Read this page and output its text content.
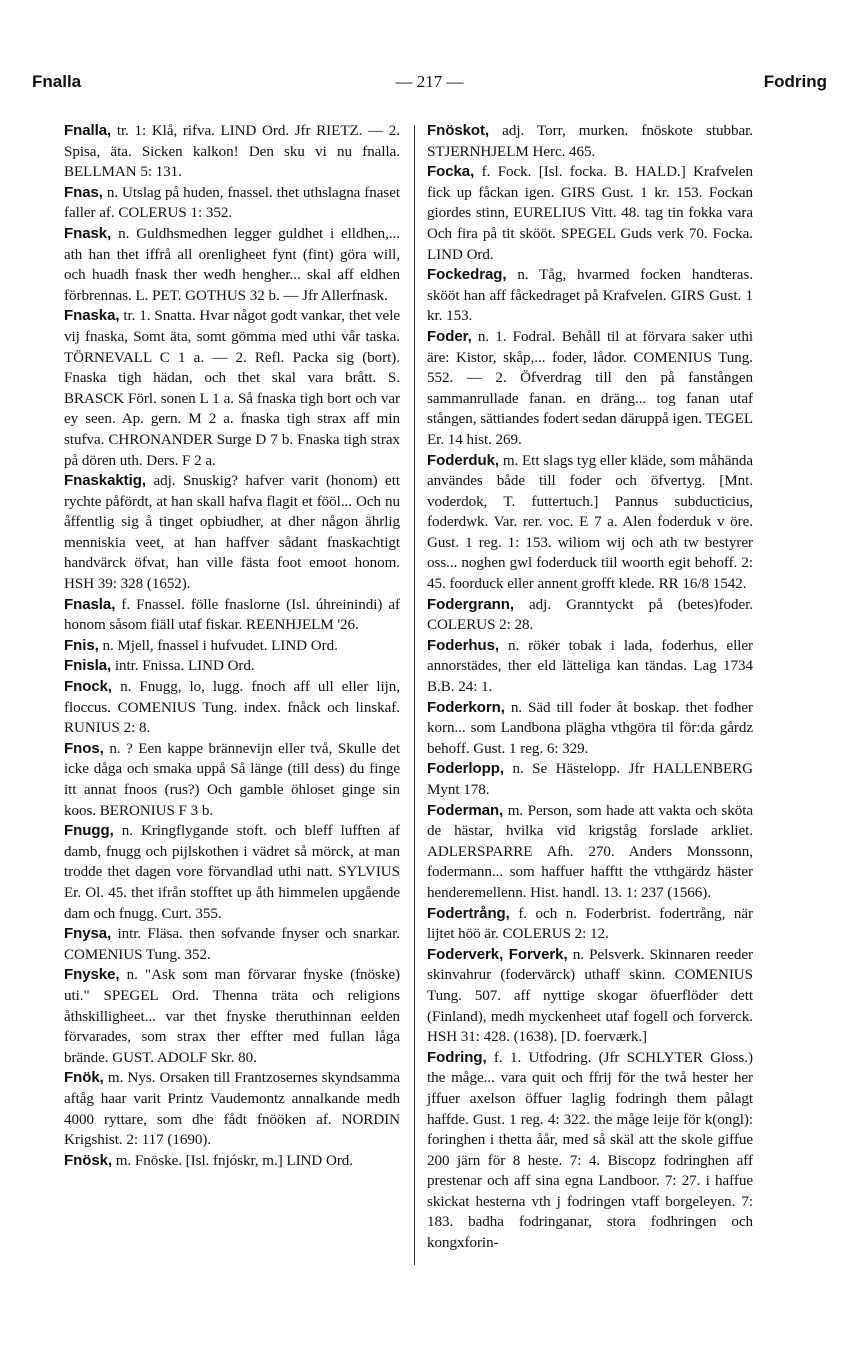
Fnalla	— 217 —	Fodring

Fnalla, tr. 1: Klå, rifva. LIND Ord. Jfr RIETZ. — 2. Spisa, äta. Sicken kalkon! Den sku vi nu fnalla. BELLMAN 5: 131.

Fnas, n. Utslag på huden, fnassel. thet uthslagna fnaset faller af. COLERUS 1: 352.

Fnask, n. Guldhsmedhen legger guldhet i elldhen,... ath han thet iffrå all orenligheet fynt (fint) göra will, och huadh fnask ther wedh hengher... skal aff eldhen förbrennas. L. PET. GOTHUS 32 b. — Jfr Allerfnask.

Fnaska, tr. 1. Snatta. Hvar något godt vankar, thet vele vij fnaska, Somt äta, somt gömma med uthi vår taska. TÖRNEVALL C 1 a. — 2. Refl. Packa sig (bort). Fnaska tigh hädan, och thet skal vara brått. S. BRASCK Förl. sonen L 1 a. Så fnaska tigh bort och var ey seen. Ap. gern. M 2 a. fnaska tigh strax aff min stufva. CHRONANDER Surge D 7 b. Fnaska tigh strax på dören uth. Ders. F 2 a.

Fnaskaktig, adj. Snuskig? hafver varit (honom) ett rychte påfördt, at han skall hafva flagit et fööl... Och nu åffentlig sig å tinget opbiudher, at dher någon ährlig menniskia veet, at han haffver sådant fnaskachtigt handvärck öfvat, han ville fästa foot emoot honom. HSH 39: 328 (1652).

Fnasla, f. Fnassel. fölle fnaslorne (Isl. úhreinindi) af honom såsom fiäll utaf fiskar. REENHJELM '26.

Fnis, n. Mjell, fnassel i hufvudet. LIND Ord.

Fnisla, intr. Fnissa. LIND Ord.

Fnock, n. Fnugg, lo, lugg. fnoch aff ull eller lijn, floccus. COMENIUS Tung. index. fnåck och linskaf. RUNIUS 2: 8.

Fnos, n. ? Een kappe brännevijn eller två, Skulle det icke dåga och smaka uppå Så länge (till dess) du finge itt annat fnoos (rus?) Och gamble öhloset ginge sin koos. BERONIUS F 3 b.

Fnugg, n. Kringflygande stoft. och bleff lufften af damb, fnugg och pijlskothen i vädret så mörck, at man trodde thet dagen vore förvandlad uthi natt. SYLVIUS Er. Ol. 45. thet ifrån stofftet up åth himmelen upgående dam och fnugg. Curt. 355.

Fnysa, intr. Fläsa. then sofvande fnyser och snarkar. COMENIUS Tung. 352.

Fnyske, n. "Ask som man förvarar fnyske (fnöske) uti." SPEGEL Ord. Thenna träta och religions åthskilligheet... var thet fnyske theruthinnan eelden förvarades, som strax ther effter med fullan låga brände. GUST. ADOLF Skr. 80.

Fnök, m. Nys. Orsaken till Frantzosernes skyndsamma aftåg haar varit Printz Vaudemontz annalkande medh 4000 ryttare, som dhe fådt fnööken af. NORDIN Krigshist. 2: 117 (1690).

Fnösk, m. Fnöske. [Isl. fnjóskr, m.] LIND Ord.

Fnöskot, adj. Torr, murken. fnöskote stubbar. STJERNHJELM Herc. 465.

Focka, f. Fock. [Isl. focka. B. HALD.] Krafvelen fick up fåckan igen. GIRS Gust. 1 kr. 153. Fockan giordes stinn, EURELIUS Vitt. 48. tag tin fokka vara Och fira på tit skööt. SPEGEL Guds verk 70. Focka. LIND Ord.

Fockedrag, n. Tåg, hvarmed focken handteras. skööt han aff fåckedraget på Krafvelen. GIRS Gust. 1 kr. 153.

Foder, n. 1. Fodral. Behåll til at förvara saker uthi äre: Kistor, skåp,... foder, lådor. COMENIUS Tung. 552. — 2. Öfverdrag till den på fanstången sammanrullade fanan. en dräng... tog fanan utaf stången, sättiandes fodert sedan däruppå igen. TEGEL Er. 14 hist. 269.

Foderduk, m. Ett slags tyg eller kläde, som måhända användes både till foder och öfvertyg. [Mnt. voderdok, T. futtertuch.] Pannus subducticius, foderdwk. Var. rer. voc. E 7 a. Alen foderduk v öre. Gust. 1 reg. 1: 153. wiliom wij och ath tw bestyrer oss... noghen gwl foderduck tiil woorth egit behoff. 2: 45. foorduck eller annent grofft klede. RR 16/8 1542.

Fodergrann, adj. Granntyckt på (betes)foder. COLERUS 2: 28.

Foderhus, n. röker tobak i lada, foderhus, eller annorstädes, ther eld lätteliga kan tändas. Lag 1734 B.B. 24: 1.

Foderkorn, n. Säd till foder åt boskap. thet fodher korn... som Landbona plägha vthgöra til för:da gårdz behoff. Gust. 1 reg. 6: 329.

Foderlopp, n. Se Hästelopp. Jfr HALLENBERG Mynt 178.

Foderman, m. Person, som hade att vakta och sköta de hästar, hvilka vid krigståg forslade arkliet. ADLERSPARRE Afh. 270. Anders Monssonn, fodermann... som haffuer hafftt the vtthgärdz häster henderemellenn. Hist. handl. 13. 1: 237 (1566).

Fodertrång, f. och n. Foderbrist. fodertrång, när lijtet höö är. COLERUS 2: 12.

Foderverk, Forverk, n. Pelsverk. Skinnaren reeder skinvahrur (fodervärck) uthaff skinn. COMENIUS Tung. 507. aff nyttige skogar öfuerflöder dett (Finland), medh myckenheet utaf fogell och forverck. HSH 31: 428. (1638). [D. foerværk.]

Fodring, f. 1. Utfodring. (Jfr SCHLYTER Gloss.) the måge... vara quit och ffrij för the twå hester her jffuer axelson öffuer laglig fodringh them pålagt haffde. Gust. 1 reg. 4: 322. the måge leije för k(ongl): foringhen i thetta åår, med så skäl att the skole giffue 200 järn för 8 heste. 7: 4. Biscopz fodringhen aff prestenar och aff sina egna Landboor. 7: 27. i haffue skickat hesterna vth j fodringen vtaff borgeleyen. 7: 183. badha fodringanar, stora fodhringen och kongxforin-
